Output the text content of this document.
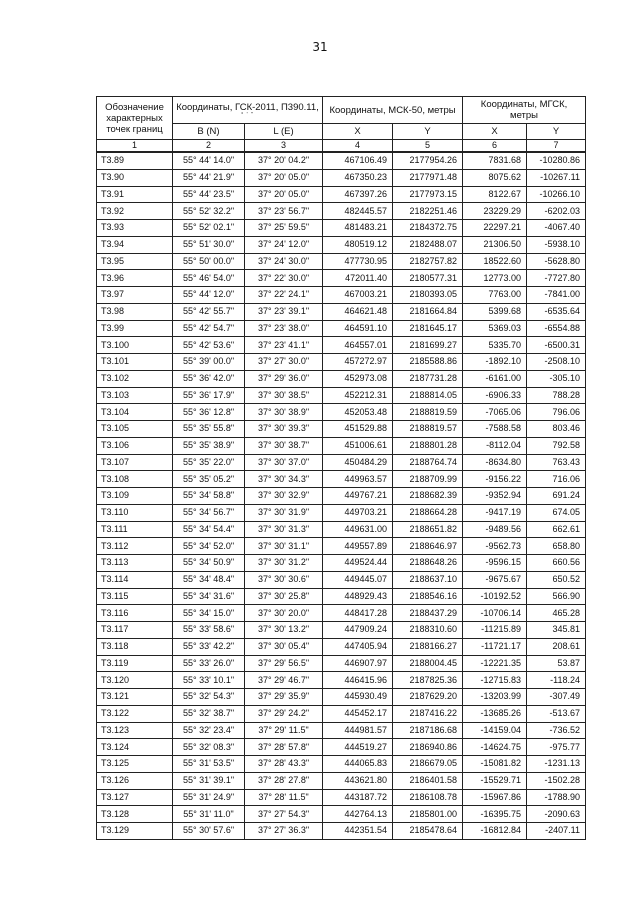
31
Обозначение характерных точек границ	Координаты, ГСК-2011, П390.11,
° ' "		Координаты, МСК-50, метры		Координаты, МГСК, метры	
	B (N)	L (E)	X	Y	X	Y
1	2	3	4	5	6	7
Т3.89	55° 44' 14.0"	37° 20' 04.2"	467106.49	2177954.26	7831.68	-10280.86
Т3.90	55° 44' 21.9"	37° 20' 05.0"	467350.23	2177971.48	8075.62	-10267.11
Т3.91	55° 44' 23.5"	37° 20' 05.0"	467397.26	2177973.15	8122.67	-10266.10
Т3.92	55° 52' 32.2"	37° 23' 56.7"	482445.57	2182251.46	23229.29	-6202.03
Т3.93	55° 52' 02.1"	37° 25' 59.5"	481483.21	2184372.75	22297.21	-4067.40
Т3.94	55° 51' 30.0"	37° 24' 12.0"	480519.12	2182488.07	21306.50	-5938.10
Т3.95	55° 50' 00.0"	37° 24' 30.0"	477730.95	2182757.82	18522.60	-5628.80
Т3.96	55° 46' 54.0"	37° 22' 30.0"	472011.40	2180577.31	12773.00	-7727.80
Т3.97	55° 44' 12.0"	37° 22' 24.1"	467003.21	2180393.05	7763.00	-7841.00
Т3.98	55° 42' 55.7"	37° 23' 39.1"	464621.48	2181664.84	5399.68	-6535.64
Т3.99	55° 42' 54.7"	37° 23' 38.0"	464591.10	2181645.17	5369.03	-6554.88
Т3.100	55° 42' 53.6"	37° 23' 41.1"	464557.01	2181699.27	5335.70	-6500.31
Т3.101	55° 39' 00.0"	37° 27' 30.0"	457272.97	2185588.86	-1892.10	-2508.10
Т3.102	55° 36' 42.0"	37° 29' 36.0"	452973.08	2187731.28	-6161.00	-305.10
Т3.103	55° 36' 17.9"	37° 30' 38.5"	452212.31	2188814.05	-6906.33	788.28
Т3.104	55° 36' 12.8"	37° 30' 38.9"	452053.48	2188819.59	-7065.06	796.06
Т3.105	55° 35' 55.8"	37° 30' 39.3"	451529.88	2188819.57	-7588.58	803.46
Т3.106	55° 35' 38.9"	37° 30' 38.7"	451006.61	2188801.28	-8112.04	792.58
Т3.107	55° 35' 22.0"	37° 30' 37.0"	450484.29	2188764.74	-8634.80	763.43
Т3.108	55° 35' 05.2"	37° 30' 34.3"	449963.57	2188709.99	-9156.22	716.06
Т3.109	55° 34' 58.8"	37° 30' 32.9"	449767.21	2188682.39	-9352.94	691.24
Т3.110	55° 34' 56.7"	37° 30' 31.9"	449703.21	2188664.28	-9417.19	674.05
Т3.111	55° 34' 54.4"	37° 30' 31.3"	449631.00	2188651.82	-9489.56	662.61
Т3.112	55° 34' 52.0"	37° 30' 31.1"	449557.89	2188646.97	-9562.73	658.80
Т3.113	55° 34' 50.9"	37° 30' 31.2"	449524.44	2188648.26	-9596.15	660.56
Т3.114	55° 34' 48.4"	37° 30' 30.6"	449445.07	2188637.10	-9675.67	650.52
Т3.115	55° 34' 31.6"	37° 30' 25.8"	448929.43	2188546.16	-10192.52	566.90
Т3.116	55° 34' 15.0"	37° 30' 20.0"	448417.28	2188437.29	-10706.14	465.28
Т3.117	55° 33' 58.6"	37° 30' 13.2"	447909.24	2188310.60	-11215.89	345.81
Т3.118	55° 33' 42.2"	37° 30' 05.4"	447405.94	2188166.27	-11721.17	208.61
Т3.119	55° 33' 26.0"	37° 29' 56.5"	446907.97	2188004.45	-12221.35	53.87
Т3.120	55° 33' 10.1"	37° 29' 46.7"	446415.96	2187825.36	-12715.83	-118.24
Т3.121	55° 32' 54.3"	37° 29' 35.9"	445930.49	2187629.20	-13203.99	-307.49
Т3.122	55° 32' 38.7"	37° 29' 24.2"	445452.17	2187416.22	-13685.26	-513.67
Т3.123	55° 32' 23.4"	37° 29' 11.5"	444981.57	2187186.68	-14159.04	-736.52
Т3.124	55° 32' 08.3"	37° 28' 57.8"	444519.27	2186940.86	-14624.75	-975.77
Т3.125	55° 31' 53.5"	37° 28' 43.3"	444065.83	2186679.05	-15081.82	-1231.13
Т3.126	55° 31' 39.1"	37° 28' 27.8"	443621.80	2186401.58	-15529.71	-1502.28
Т3.127	55° 31' 24.9"	37° 28' 11.5"	443187.72	2186108.78	-15967.86	-1788.90
Т3.128	55° 31' 11.0"	37° 27' 54.3"	442764.13	2185801.00	-16395.75	-2090.63
Т3.129	55° 30' 57.6"	37° 27' 36.3"	442351.54	2185478.64	-16812.84	-2407.11
